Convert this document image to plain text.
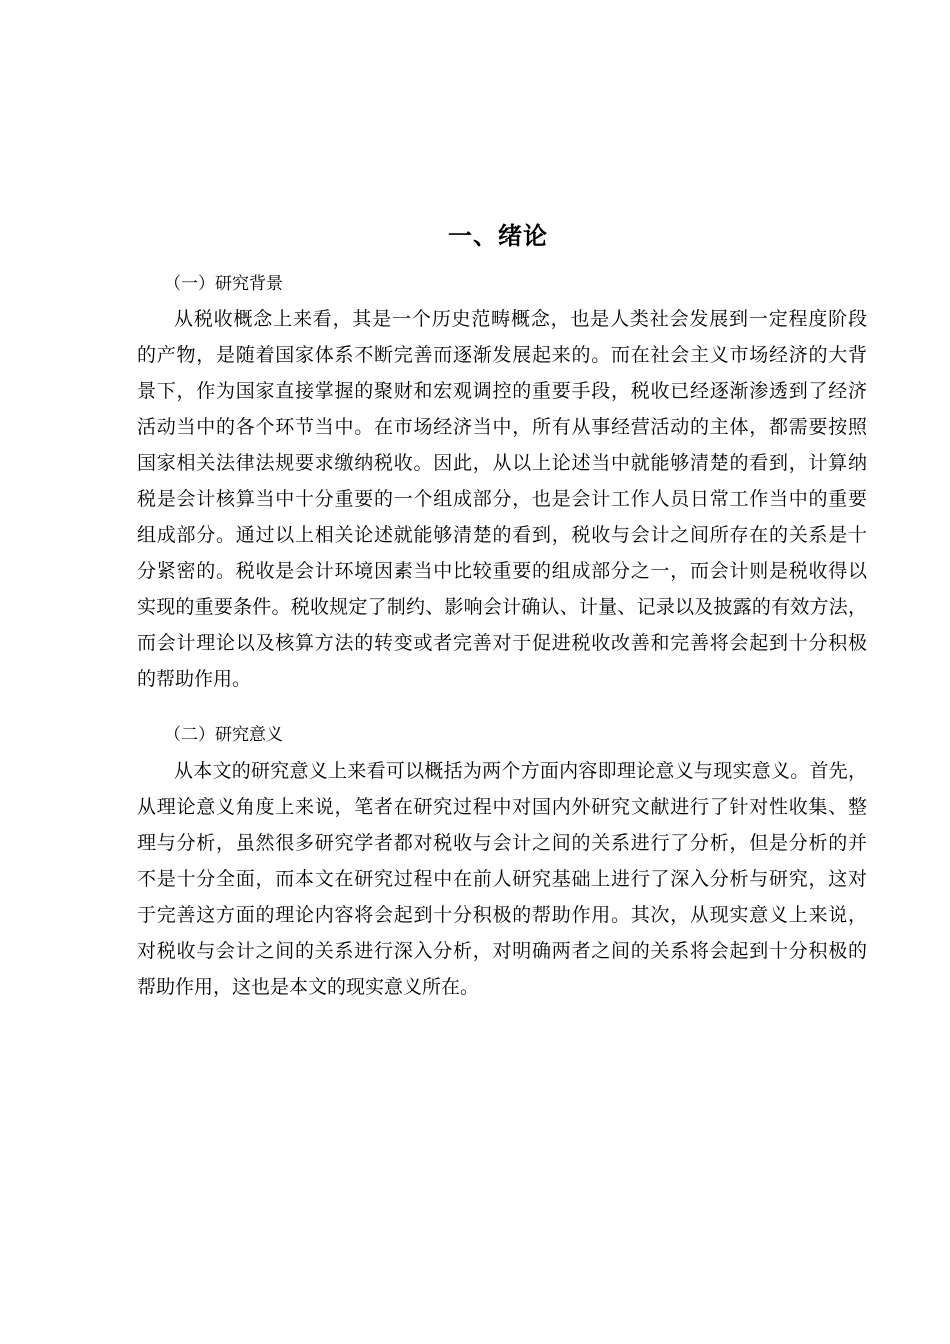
一、绪论
（一）研究背景
从税收概念上来看，其是一个历史范畴概念，也是人类社会发展到一定程度阶段
的产物，是随着国家体系不断完善而逐渐发展起来的。而在社会主义市场经济的大背
景下，作为国家直接掌握的聚财和宏观调控的重要手段，税收已经逐渐渗透到了经济
活动当中的各个环节当中。在市场经济当中，所有从事经营活动的主体，都需要按照
国家相关法律法规要求缴纳税收。因此，从以上论述当中就能够清楚的看到，计算纳
税是会计核算当中十分重要的一个组成部分，也是会计工作人员日常工作当中的重要
组成部分。通过以上相关论述就能够清楚的看到，税收与会计之间所存在的关系是十
分紧密的。税收是会计环境因素当中比较重要的组成部分之一，而会计则是税收得以
实现的重要条件。税收规定了制约、影响会计确认、计量、记录以及披露的有效方法，
而会计理论以及核算方法的转变或者完善对于促进税收改善和完善将会起到十分积极
的帮助作用。
（二）研究意义
从本文的研究意义上来看可以概括为两个方面内容即理论意义与现实意义。首先，
从理论意义角度上来说，笔者在研究过程中对国内外研究文献进行了针对性收集、整
理与分析，虽然很多研究学者都对税收与会计之间的关系进行了分析，但是分析的并
不是十分全面，而本文在研究过程中在前人研究基础上进行了深入分析与研究，这对
于完善这方面的理论内容将会起到十分积极的帮助作用。其次，从现实意义上来说，
对税收与会计之间的关系进行深入分析，对明确两者之间的关系将会起到十分积极的
帮助作用，这也是本文的现实意义所在。
